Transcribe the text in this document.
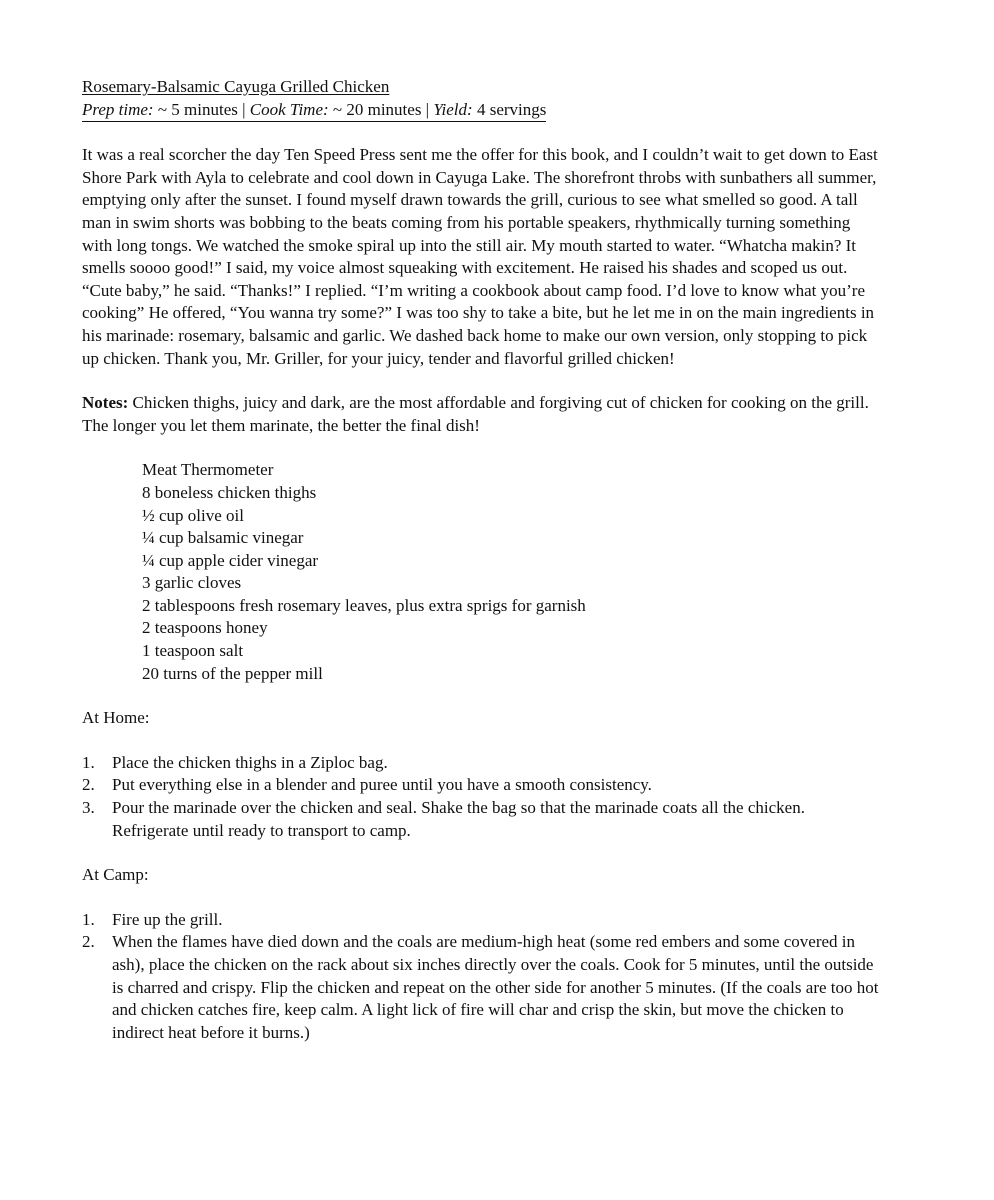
Rosemary-Balsamic Cayuga Grilled Chicken
Prep time: ~ 5 minutes | Cook Time: ~ 20 minutes | Yield: 4 servings

It was a real scorcher the day Ten Speed Press sent me the offer for this book, and I couldn’t wait to get down to East Shore Park with Ayla to celebrate and cool down in Cayuga Lake. The shorefront throbs with sunbathers all summer, emptying only after the sunset. I found myself drawn towards the grill, curious to see what smelled so good. A tall man in swim shorts was bobbing to the beats coming from his portable speakers, rhythmically turning something with long tongs. We watched the smoke spiral up into the still air. My mouth started to water. “Whatcha makin? It smells soooo good!” I said, my voice almost squeaking with excitement. He raised his shades and scoped us out. “Cute baby,” he said. “Thanks!” I replied. “I’m writing a cookbook about camp food. I’d love to know what you’re cooking” He offered, “You wanna try some?” I was too shy to take a bite, but he let me in on the main ingredients in his marinade: rosemary, balsamic and garlic. We dashed back home to make our own version, only stopping to pick up chicken. Thank you, Mr. Griller, for your juicy, tender and flavorful grilled chicken!

Notes: Chicken thighs, juicy and dark, are the most affordable and forgiving cut of chicken for cooking on the grill. The longer you let them marinate, the better the final dish!

Meat Thermometer
8 boneless chicken thighs
½ cup olive oil
¼ cup balsamic vinegar
¼ cup apple cider vinegar
3 garlic cloves
2 tablespoons fresh rosemary leaves, plus extra sprigs for garnish
2 teaspoons honey
1 teaspoon salt
20 turns of the pepper mill

At Home:

1. Place the chicken thighs in a Ziploc bag.
2. Put everything else in a blender and puree until you have a smooth consistency.
3. Pour the marinade over the chicken and seal. Shake the bag so that the marinade coats all the chicken. Refrigerate until ready to transport to camp.

At Camp:

1. Fire up the grill.
2. When the flames have died down and the coals are medium-high heat (some red embers and some covered in ash), place the chicken on the rack about six inches directly over the coals. Cook for 5 minutes, until the outside is charred and crispy. Flip the chicken and repeat on the other side for another 5 minutes. (If the coals are too hot and chicken catches fire, keep calm. A light lick of fire will char and crisp the skin, but move the chicken to indirect heat before it burns.)
